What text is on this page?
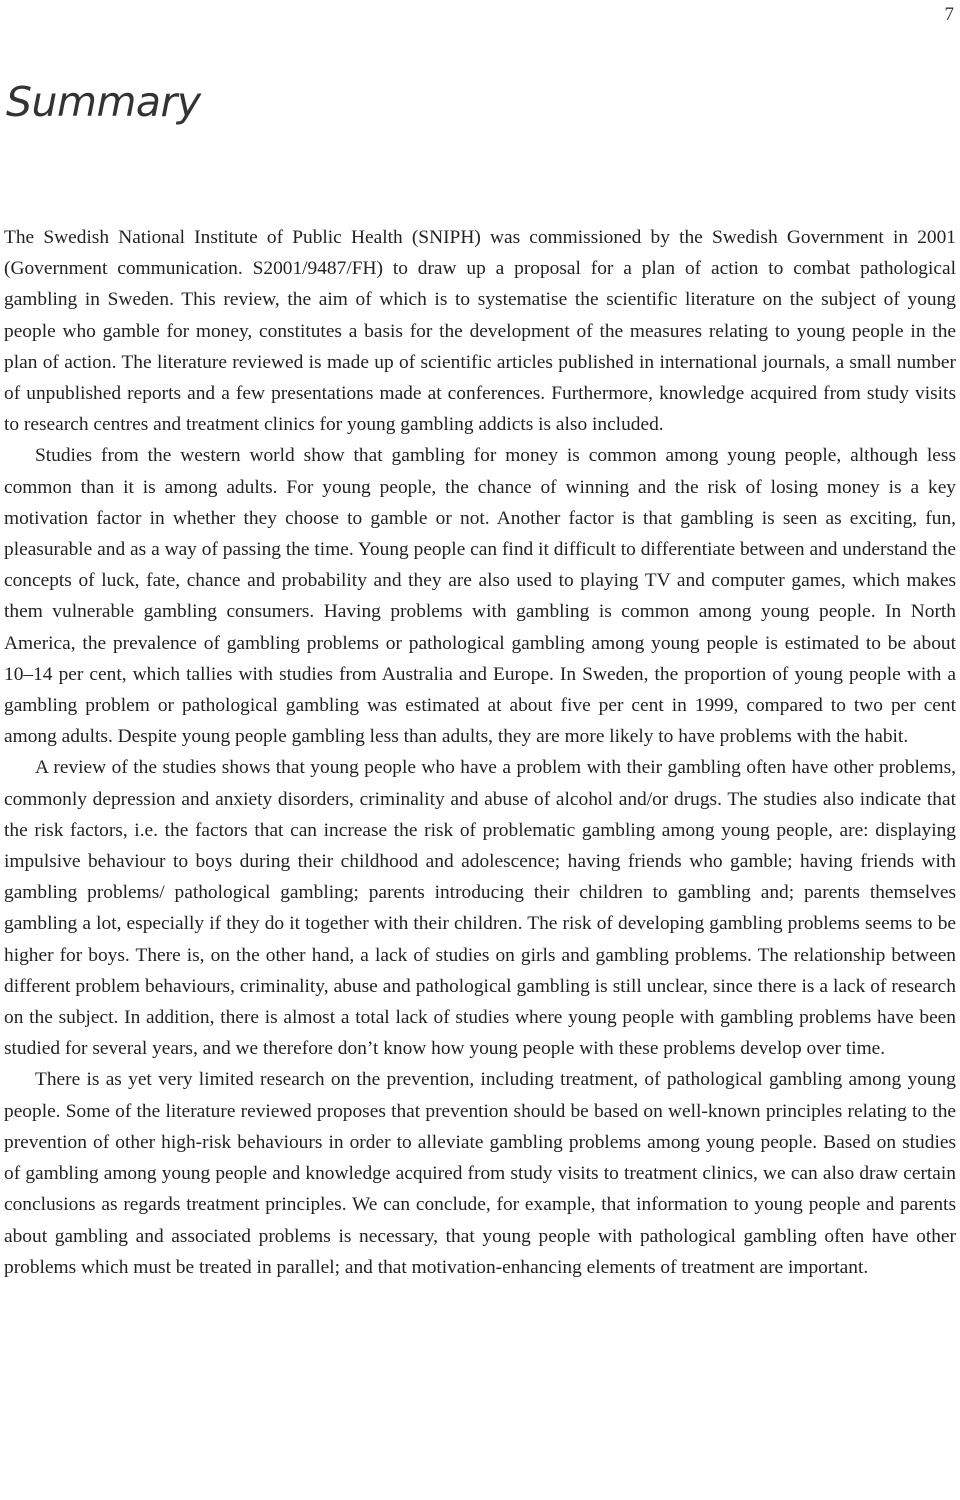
7
Summary

The Swedish National Institute of Public Health (SNIPH) was commissioned by the Swedish Government in 2001 (Government communication. S2001/9487/FH) to draw up a proposal for a plan of action to combat pathological gambling in Sweden. This review, the aim of which is to systematise the scientific literature on the subject of young people who gamble for money, constitutes a basis for the development of the measures relating to young people in the plan of action. The literature reviewed is made up of scientific articles published in international journals, a small number of unpublished reports and a few presentations made at conferences. Furthermore, knowledge acquired from study visits to research centres and treatment clinics for young gambling addicts is also included.

Studies from the western world show that gambling for money is common among young people, although less common than it is among adults. For young people, the chance of winning and the risk of losing money is a key motivation factor in whether they choose to gamble or not. Another factor is that gambling is seen as exciting, fun, pleasurable and as a way of passing the time. Young people can find it difficult to differentiate between and understand the concepts of luck, fate, chance and probability and they are also used to playing TV and computer games, which makes them vulnerable gambling consumers. Having problems with gambling is common among young people. In North America, the prevalence of gambling problems or pathological gambling among young people is estimated to be about 10–14 per cent, which tallies with studies from Australia and Europe. In Sweden, the proportion of young people with a gambling problem or pathological gambling was estimated at about five per cent in 1999, compared to two per cent among adults. Despite young people gambling less than adults, they are more likely to have problems with the habit.

A review of the studies shows that young people who have a problem with their gambling often have other problems, commonly depression and anxiety disorders, criminality and abuse of alcohol and/or drugs. The studies also indicate that the risk factors, i.e. the factors that can increase the risk of problematic gambling among young people, are: displaying impulsive behaviour to boys during their childhood and adolescence; having friends who gamble; having friends with gambling problems/ pathological gambling; parents introducing their children to gambling and; parents themselves gambling a lot, especially if they do it together with their children. The risk of developing gambling problems seems to be higher for boys. There is, on the other hand, a lack of studies on girls and gambling problems. The relationship between different problem behaviours, criminality, abuse and pathological gambling is still unclear, since there is a lack of research on the subject. In addition, there is almost a total lack of studies where young people with gambling problems have been studied for several years, and we therefore don’t know how young people with these problems develop over time.

There is as yet very limited research on the prevention, including treatment, of pathological gambling among young people. Some of the literature reviewed proposes that prevention should be based on well-known principles relating to the prevention of other high-risk behaviours in order to alleviate gambling problems among young people. Based on studies of gambling among young people and knowledge acquired from study visits to treatment clinics, we can also draw certain conclusions as regards treatment principles. We can conclude, for example, that information to young people and parents about gambling and associated problems is necessary, that young people with pathological gambling often have other problems which must be treated in parallel; and that motivation-enhancing elements of treatment are important.
